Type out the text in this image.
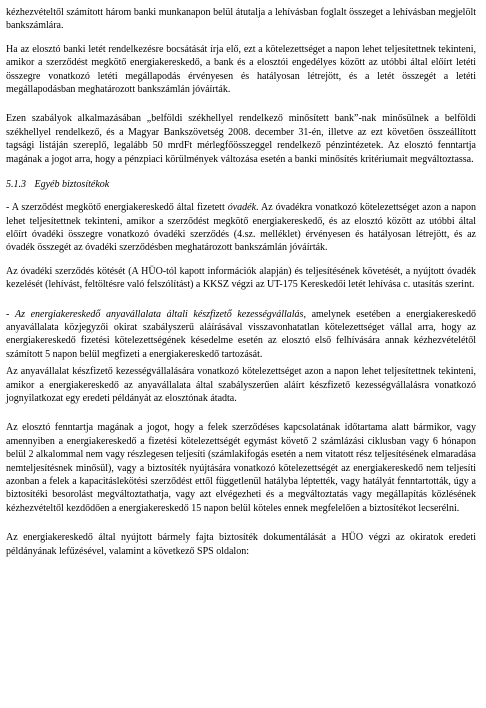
kézhezvételtől számított három banki munkanapon belül átutalja a lehívásban foglalt összeget a lehívásban megjelölt bankszámlára.

Ha az elosztó banki letét rendelkezésre bocsátását írja elő, ezt a kötelezettséget a napon lehet teljesítettnek tekinteni, amikor a szerződést megkötő energiakereskedő, a bank és a elosztói engedélyes között az utóbbi által előírt letéti összegre vonatkozó letéti megállapodás érvényesen és hatályosan létrejött, és a letét összegét a letéti megállapodásban meghatározott bankszámlán jóváírták.

Ezen szabályok alkalmazásában „belföldi székhellyel rendelkező minősített bank”-nak minősülnek a belföldi székhellyel rendelkező, és a Magyar Bankszövetség 2008. december 31-én, illetve az ezt követően összeállított tagsági listáján szereplő, legalább 50 mrdFt mérlegfőösszeggel rendelkező pénzintézetek. Az elosztó fenntartja magának a jogot arra, hogy a pénzpiaci körülmények változása esetén a banki minősítés kritériumait megváltoztassa.

5.1.3 Egyéb biztosítékok

- A szerződést megkötő energiakereskedő által fizetett óvadék. Az óvadékra vonatkozó kötelezettséget azon a napon lehet teljesítettnek tekinteni, amikor a szerződést megkötő energiakereskedő, és az elosztó között az utóbbi által előírt óvadéki összegre vonatkozó óvadéki szerződés (4.sz. melléklet) érvényesen és hatályosan létrejött, és az óvadék összegét az óvadéki szerződésben meghatározott bankszámlán jóváírták.

Az óvadéki szerződés kötését (A HÜO-tól kapott információk alapján) és teljesítésének követését, a nyújtott óvadék kezelését (lehívást, feltöltésre való felszólítást) a KKSZ végzi az UT-175 Kereskedői letét lehívása c. utasítás szerint.

- Az energiakereskedő anyavállalata általi készfizető kezességvállalás, amelynek esetében a energiakereskedő anyavállalata közjegyzői okirat szabályszerű aláírásával visszavonhatatlan kötelezettséget vállal arra, hogy az energiakereskedő fizetési kötelezettségének késedelme esetén az elosztó első felhívására annak kézhezvételétől számított 5 napon belül megfizeti a energiakereskedő tartozását.

Az anyavállalat készfizető kezességvállalására vonatkozó kötelezettséget azon a napon lehet teljesítettnek tekinteni, amikor a energiakereskedő az anyavállalata által szabályszerűen aláírt készfizető kezességvállalásra vonatkozó jognyilatkozat egy eredeti példányát az elosztónak átadta.

Az elosztó fenntartja magának a jogot, hogy a felek szerződéses kapcsolatának időtartama alatt bármikor, vagy amennyiben a energiakereskedő a fizetési kötelezettségét egymást követő 2 számlázási ciklusban vagy 6 hónapon belül 2 alkalommal nem vagy részlegesen teljesíti (számlakifogás esetén a nem vitatott rész teljesítésének elmaradása nemteljesítésnek minősül), vagy a biztosíték nyújtására vonatkozó kötelezettségét az energiakereskedő nem teljesíti azonban a felek a kapacitáslekötési szerződést ettől függetlenül hatályba léptették, vagy hatályát fenntartották, úgy a biztosítéki besorolást megváltoztathatja, vagy azt elvégezheti és a megváltoztatás vagy megállapítás közlésének kézhezvételtől kezdődően a energiakereskedő 15 napon belül köteles ennek megfelelően a biztosítékot lecserélni.

Az energiakereskedő által nyújtott bármely fajta biztosíték dokumentálását a HÜO végzi az okiratok eredeti példányának lefűzésével, valamint a következő SPS oldalon:
